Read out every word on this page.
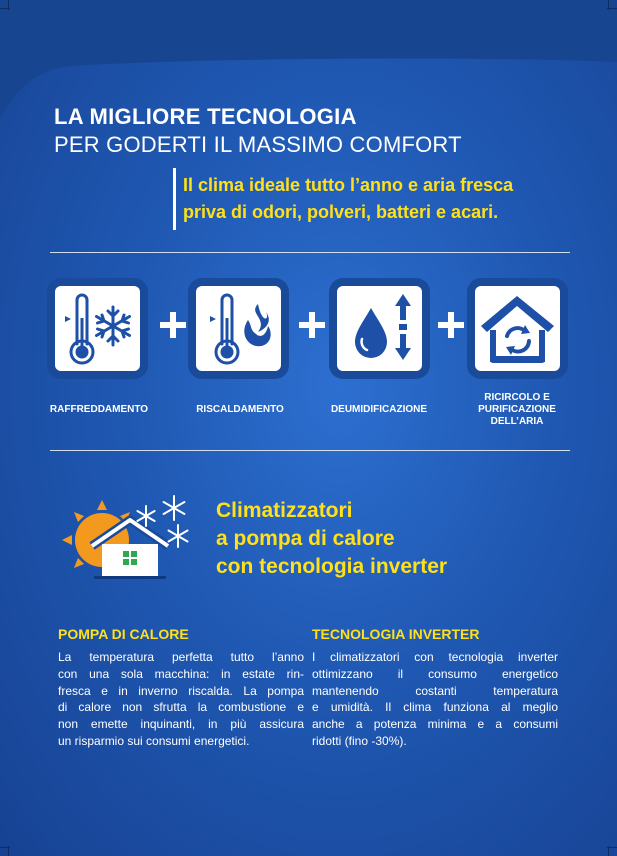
LA MIGLIORE TECNOLOGIA
PER GODERTI IL MASSIMO COMFORT
Il clima ideale tutto l’anno e aria fresca
priva di odori, polveri, batteri e acari.
RAFFREDDAMENTO	RISCALDAMENTO	DEUMIDIFICAZIONE
RICIRCOLO E
PURIFICAZIONE
DELL’ARIA
Climatizzatori
a pompa di calore
con tecnologia inverter
POMPA DI CALORE
La temperatura perfetta tutto l’anno
con una sola macchina: in estate rin-
fresca e in inverno riscalda. La pompa
di calore non sfrutta la combustione e
non emette inquinanti, in più assicura
un risparmio sui consumi energetici.
TECNOLOGIA INVERTER
I climatizzatori con tecnologia inverter
ottimizzano il consumo energetico
mantenendo costanti temperatura
e umidità. Il clima funziona al meglio
anche a potenza minima e a consumi
ridotti (fino -30%).
